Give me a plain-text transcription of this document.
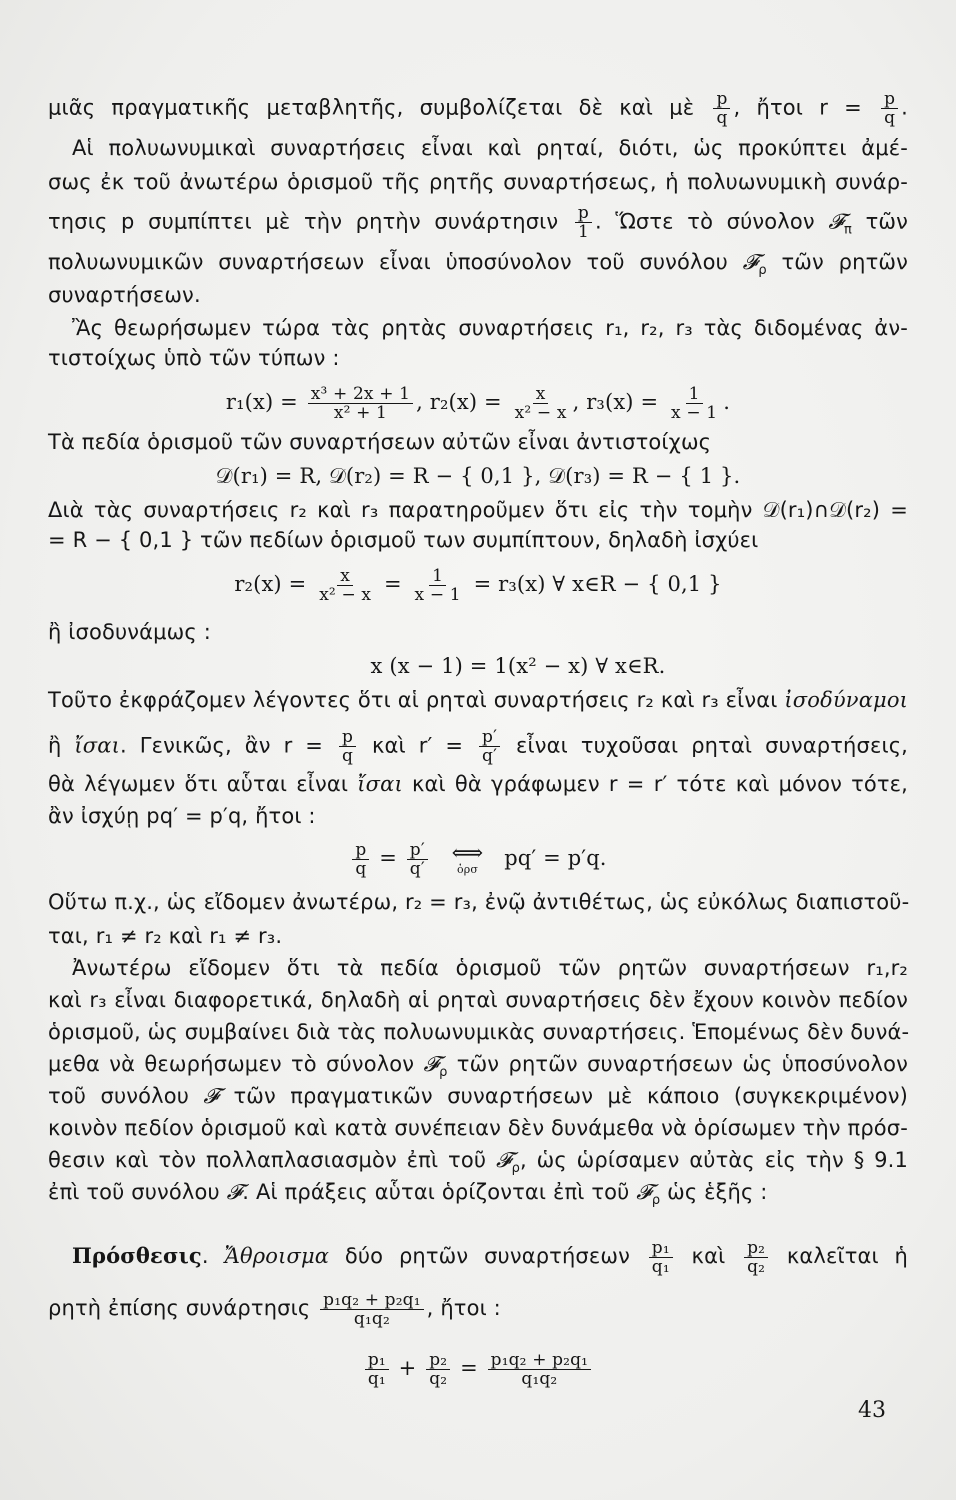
μιᾶς πραγματικῆς μεταβλητῆς, συμβολίζεται δὲ καὶ μὲ $\frac{p}{q}$ , ἤτοι $r = \frac{p}{q}$ .
Αἱ πολυωνυμικαὶ συναρτήσεις εἶναι καὶ ρηταί, διότι, ὡς προκύπτει ἀμέ-
σως ἐκ τοῦ ἀνωτέρω ὁρισμοῦ τῆς ρητῆς συναρτήσεως, ἡ πολυωνυμικὴ συνάρ-
τησις p συμπίπτει μὲ τὴν ρητὴν συνάρτησιν $\frac{p}{1}$ . Ὥστε τὸ σύνολον 𝓕$_\pi$ τῶν
πολυωνυμικῶν συναρτήσεων εἶναι ὑποσύνολον τοῦ συνόλου 𝓕$_\rho$ τῶν ρητῶν
συναρτήσεων.
Ἂς θεωρήσωμεν τώρα τὰς ρητὰς συναρτήσεις r₁, r₂, r₃ τὰς διδομένας ἀν-
τιστοίχως ὑπὸ τῶν τύπων :
$r_1(x) = \frac{\text{x³ + 2x + 1}}{\text{x² + 1}}$ , $r_2(x) = \frac{x}{\text{x² − x}}$ , $r_3(x) = \frac{1}{x - 1}$ .
Τὰ πεδία ὁρισμοῦ τῶν συναρτήσεων αὐτῶν εἶναι ἀντιστοίχως
𝒟(r₁) = R, 𝒟(r₂) = R − { 0,1 }, 𝒟(r₃) = R − { 1 }.
Διὰ τὰς συναρτήσεις r₂ καὶ r₃ παρατηροῦμεν ὅτι εἰς τὴν τομὴν 𝒟(r₁)∩𝒟(r₂) =
= R − { 0,1 } τῶν πεδίων ὁρισμοῦ των συμπίπτουν, δηλαδὴ ἰσχύει
$r_2(x) = \frac{x}{\text{x² − x}} = \frac{1}{x - 1} = r_3(x)$ ∀ x∈R − { 0,1 }
ἢ ἰσοδυνάμως :
x (x − 1) = 1(x² − x) ∀ x∈R.
Τοῦτο ἐκφράζομεν λέγοντες ὅτι αἱ ρηταὶ συναρτήσεις r₂ καὶ r₃ εἶναι ἰσοδύναμοι
ἢ ἴσαι. Γενικῶς, ἂν $r = \frac{p}{q}$ καὶ $r' = \frac{p'}{q'}$ εἶναι τυχοῦσαι ρηταὶ συναρτήσεις,
θὰ λέγωμεν ὅτι αὗται εἶναι ἴσαι καὶ θὰ γράφωμεν r = r′ τότε καὶ μόνον τότε,
ἂν ἰσχύῃ pq′ = p′q, ἤτοι :
$\frac{p}{q} = \frac{p'}{q'}$
⟺
ὁρσ pq′ = p′q.
Οὕτω π.χ., ὡς εἴδομεν ἀνωτέρω, r₂ = r₃, ἐνῷ ἀντιθέτως, ὡς εὐκόλως διαπιστοῦ-
ται, r₁ ≠ r₂ καὶ r₁ ≠ r₃.
Ἀνωτέρω εἴδομεν ὅτι τὰ πεδία ὁρισμοῦ τῶν ρητῶν συναρτήσεων r₁,r₂
καὶ r₃ εἶναι διαφορετικά, δηλαδὴ αἱ ρηταὶ συναρτήσεις δὲν ἔχουν κοινὸν πεδίον
ὁρισμοῦ, ὡς συμβαίνει διὰ τὰς πολυωνυμικὰς συναρτήσεις. Ἑπομένως δὲν δυνά-
μεθα νὰ θεωρήσωμεν τὸ σύνολον 𝓕$_\rho$ τῶν ρητῶν συναρτήσεων ὡς ὑποσύνολον
τοῦ συνόλου 𝓕 τῶν πραγματικῶν συναρτήσεων μὲ κάποιο (συγκεκριμένον)
κοινὸν πεδίον ὁρισμοῦ καὶ κατὰ συνέπειαν δὲν δυνάμεθα νὰ ὁρίσωμεν τὴν πρόσ-
θεσιν καὶ τὸν πολλαπλασιασμὸν ἐπὶ τοῦ 𝓕$_\rho$, ὡς ὡρίσαμεν αὐτὰς εἰς τὴν § 9.1
ἐπὶ τοῦ συνόλου 𝓕. Αἱ πράξεις αὗται ὁρίζονται ἐπὶ τοῦ 𝓕$_\rho$ ὡς ἑξῆς :
Πρόσθεσις. Ἄθροισμα δύο ρητῶν συναρτήσεων $\frac{\text{p₁}}{\text{q₁}}$ καὶ $\frac{\text{p₂}}{\text{q₂}}$ καλεῖται ἡ
ρητὴ ἐπίσης συνάρτησις $\frac{\text{p₁q₂ + p₂q₁}}{\text{q₁q₂}}$ , ἤτοι :
$\frac{\text{p₁}}{\text{q₁}} + \frac{\text{p₂}}{\text{q₂}} = \frac{\text{p₁q₂ + p₂q₁}}{\text{q₁q₂}}$
43
